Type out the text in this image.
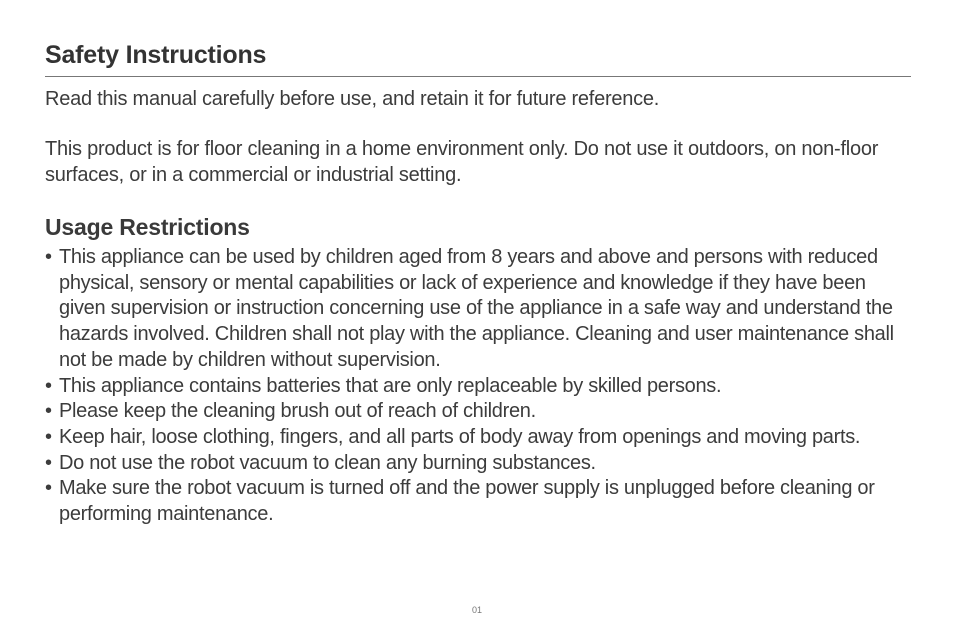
Safety Instructions

Read this manual carefully before use, and retain it for future reference.

This product is for floor cleaning in a home environment only. Do not use it outdoors, on non-floor surfaces, or in a commercial or industrial setting.

Usage Restrictions
• This appliance can be used by children aged from 8 years and above and persons with reduced physical, sensory or mental capabilities or lack of experience and knowledge if they have been given supervision or instruction concerning use of the appliance in a safe way and understand the hazards involved. Children shall not play with the appliance. Cleaning and user maintenance shall not be made by children without supervision.
• This appliance contains batteries that are only replaceable by skilled persons.
• Please keep the cleaning brush out of reach of children.
• Keep hair, loose clothing, fingers, and all parts of body away from openings and moving parts.
• Do not use the robot vacuum to clean any burning substances.
• Make sure the robot vacuum is turned off and the power supply is unplugged before cleaning or performing maintenance.
01
